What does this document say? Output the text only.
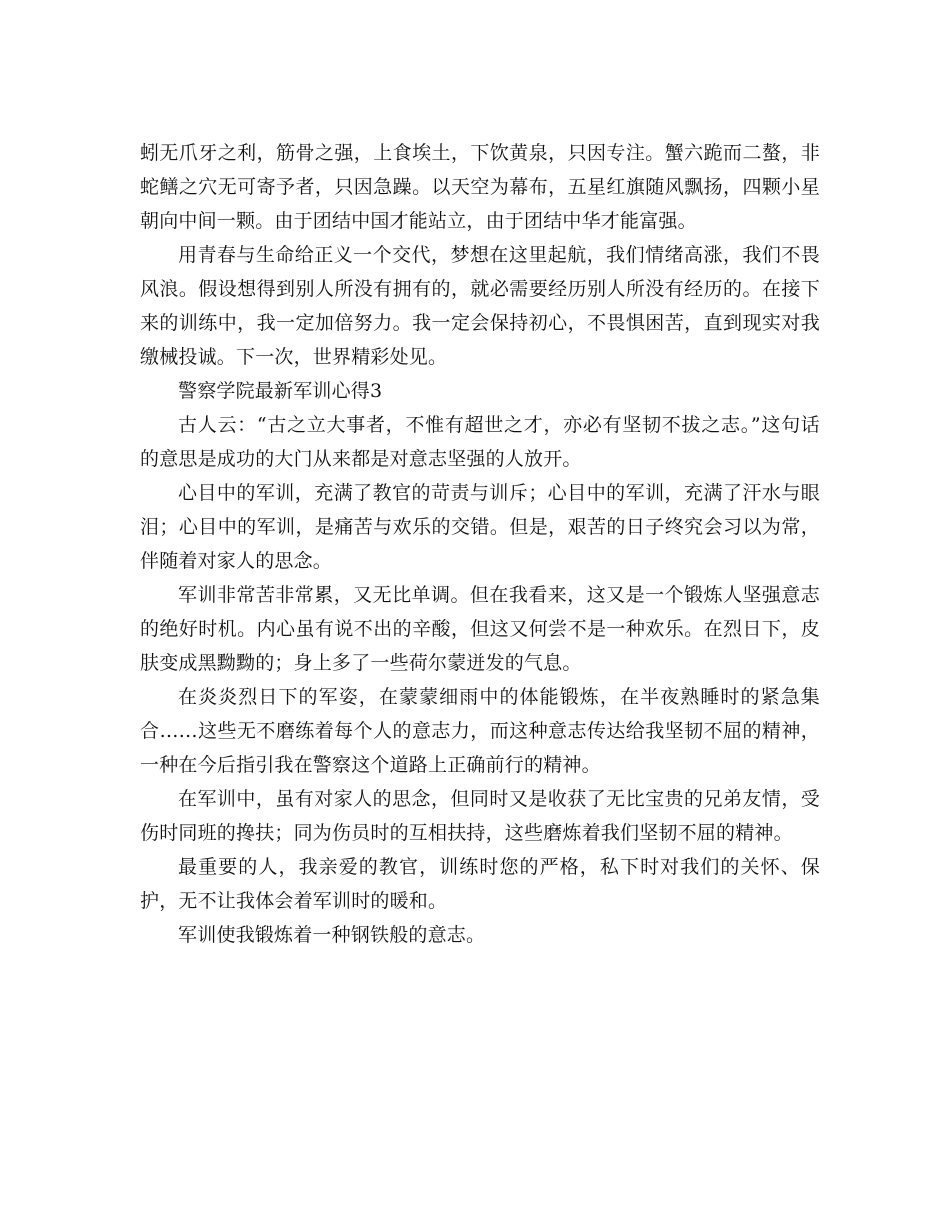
蚓无爪牙之利，筋骨之强，上食埃土，下饮黄泉，只因专注。蟹六跪而二螯，非蛇鳝之穴无可寄予者，只因急躁。以天空为幕布，五星红旗随风飘扬，四颗小星朝向中间一颗。由于团结中国才能站立，由于团结中华才能富强。

用青春与生命给正义一个交代，梦想在这里起航，我们情绪高涨，我们不畏风浪。假设想得到别人所没有拥有的，就必需要经历别人所没有经历的。在接下来的训练中，我一定加倍努力。我一定会保持初心，不畏惧困苦，直到现实对我缴械投诚。下一次，世界精彩处见。

警察学院最新军训心得3

古人云：“古之立大事者，不惟有超世之才，亦必有坚韧不拔之志。”这句话的意思是成功的大门从来都是对意志坚强的人放开。

心目中的军训，充满了教官的苛责与训斥；心目中的军训，充满了汗水与眼泪；心目中的军训，是痛苦与欢乐的交错。但是，艰苦的日子终究会习以为常，伴随着对家人的思念。

军训非常苦非常累，又无比单调。但在我看来，这又是一个锻炼人坚强意志的绝好时机。内心虽有说不出的辛酸，但这又何尝不是一种欢乐。在烈日下，皮肤变成黑黝黝的；身上多了一些荷尔蒙迸发的气息。

在炎炎烈日下的军姿，在蒙蒙细雨中的体能锻炼，在半夜熟睡时的紧急集合……这些无不磨练着每个人的意志力，而这种意志传达给我坚韧不屈的精神，一种在今后指引我在警察这个道路上正确前行的精神。

在军训中，虽有对家人的思念，但同时又是收获了无比宝贵的兄弟友情，受伤时同班的搀扶；同为伤员时的互相扶持，这些磨炼着我们坚韧不屈的精神。

最重要的人，我亲爱的教官，训练时您的严格，私下时对我们的关怀、保护，无不让我体会着军训时的暖和。

军训使我锻炼着一种钢铁般的意志。
